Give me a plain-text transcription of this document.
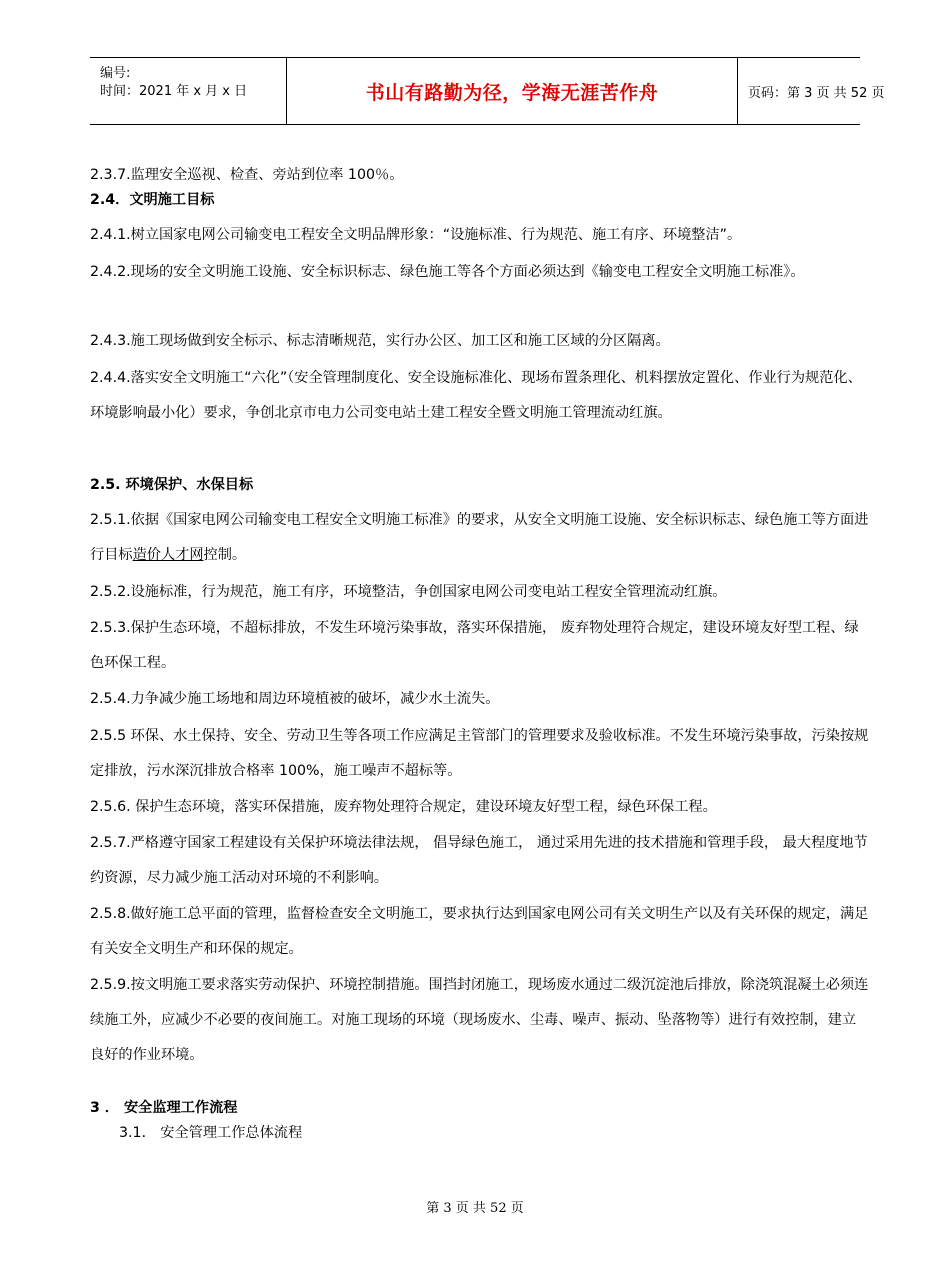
编号:
时间：2021 年 x 月 x 日	书山有路勤为径，学海无涯苦作舟	页码：第 3 页 共 52 页
2.3.7.监理安全巡视、检查、旁站到位率 100％。
2.4．文明施工目标
2.4.1.树立国家电网公司输变电工程安全文明品牌形象：“设施标准、行为规范、施工有序、环境整洁”。
2.4.2.现场的安全文明施工设施、安全标识标志、绿色施工等各个方面必须达到《输变电工程安全文明施工标准》。
2.4.3.施工现场做到安全标示、标志清晰规范，实行办公区、加工区和施工区域的分区隔离。
2.4.4.落实安全文明施工“六化”（安全管理制度化、安全设施标准化、现场布置条理化、机料摆放定置化、作业行为规范化、环境影响最小化）要求，争创北京市电力公司变电站土建工程安全暨文明施工管理流动红旗。
2.5. 环境保护、水保目标
2.5.1.依据《国家电网公司输变电工程安全文明施工标准》的要求，从安全文明施工设施、安全标识标志、绿色施工等方面进行目标造价人才网控制。
2.5.2.设施标准，行为规范，施工有序，环境整洁，争创国家电网公司变电站工程安全管理流动红旗。
2.5.3.保护生态环境，不超标排放，不发生环境污染事故，落实环保措施， 废弃物处理符合规定，建设环境友好型工程、绿色环保工程。
2.5.4.力争减少施工场地和周边环境植被的破坏，减少水土流失。
2.5.5 环保、水土保持、安全、劳动卫生等各项工作应满足主管部门的管理要求及验收标准。不发生环境污染事故，污染按规定排放，污水深沉排放合格率 100%，施工噪声不超标等。
2.5.6. 保护生态环境，落实环保措施，废弃物处理符合规定，建设环境友好型工程，绿色环保工程。
2.5.7.严格遵守国家工程建设有关保护环境法律法规， 倡导绿色施工， 通过采用先进的技术措施和管理手段， 最大程度地节约资源，尽力减少施工活动对环境的不利影响。
2.5.8.做好施工总平面的管理，监督检查安全文明施工，要求执行达到国家电网公司有关文明生产以及有关环保的规定，满足有关安全文明生产和环保的规定。
2.5.9.按文明施工要求落实劳动保护、环境控制措施。围挡封闭施工，现场废水通过二级沉淀池后排放，除浇筑混凝土必须连续施工外，应减少不必要的夜间施工。对施工现场的环境（现场废水、尘毒、噪声、振动、坠落物等）进行有效控制，建立良好的作业环境。
3 ． 安全监理工作流程
3.1． 安全管理工作总体流程
第 3 页 共 52 页
